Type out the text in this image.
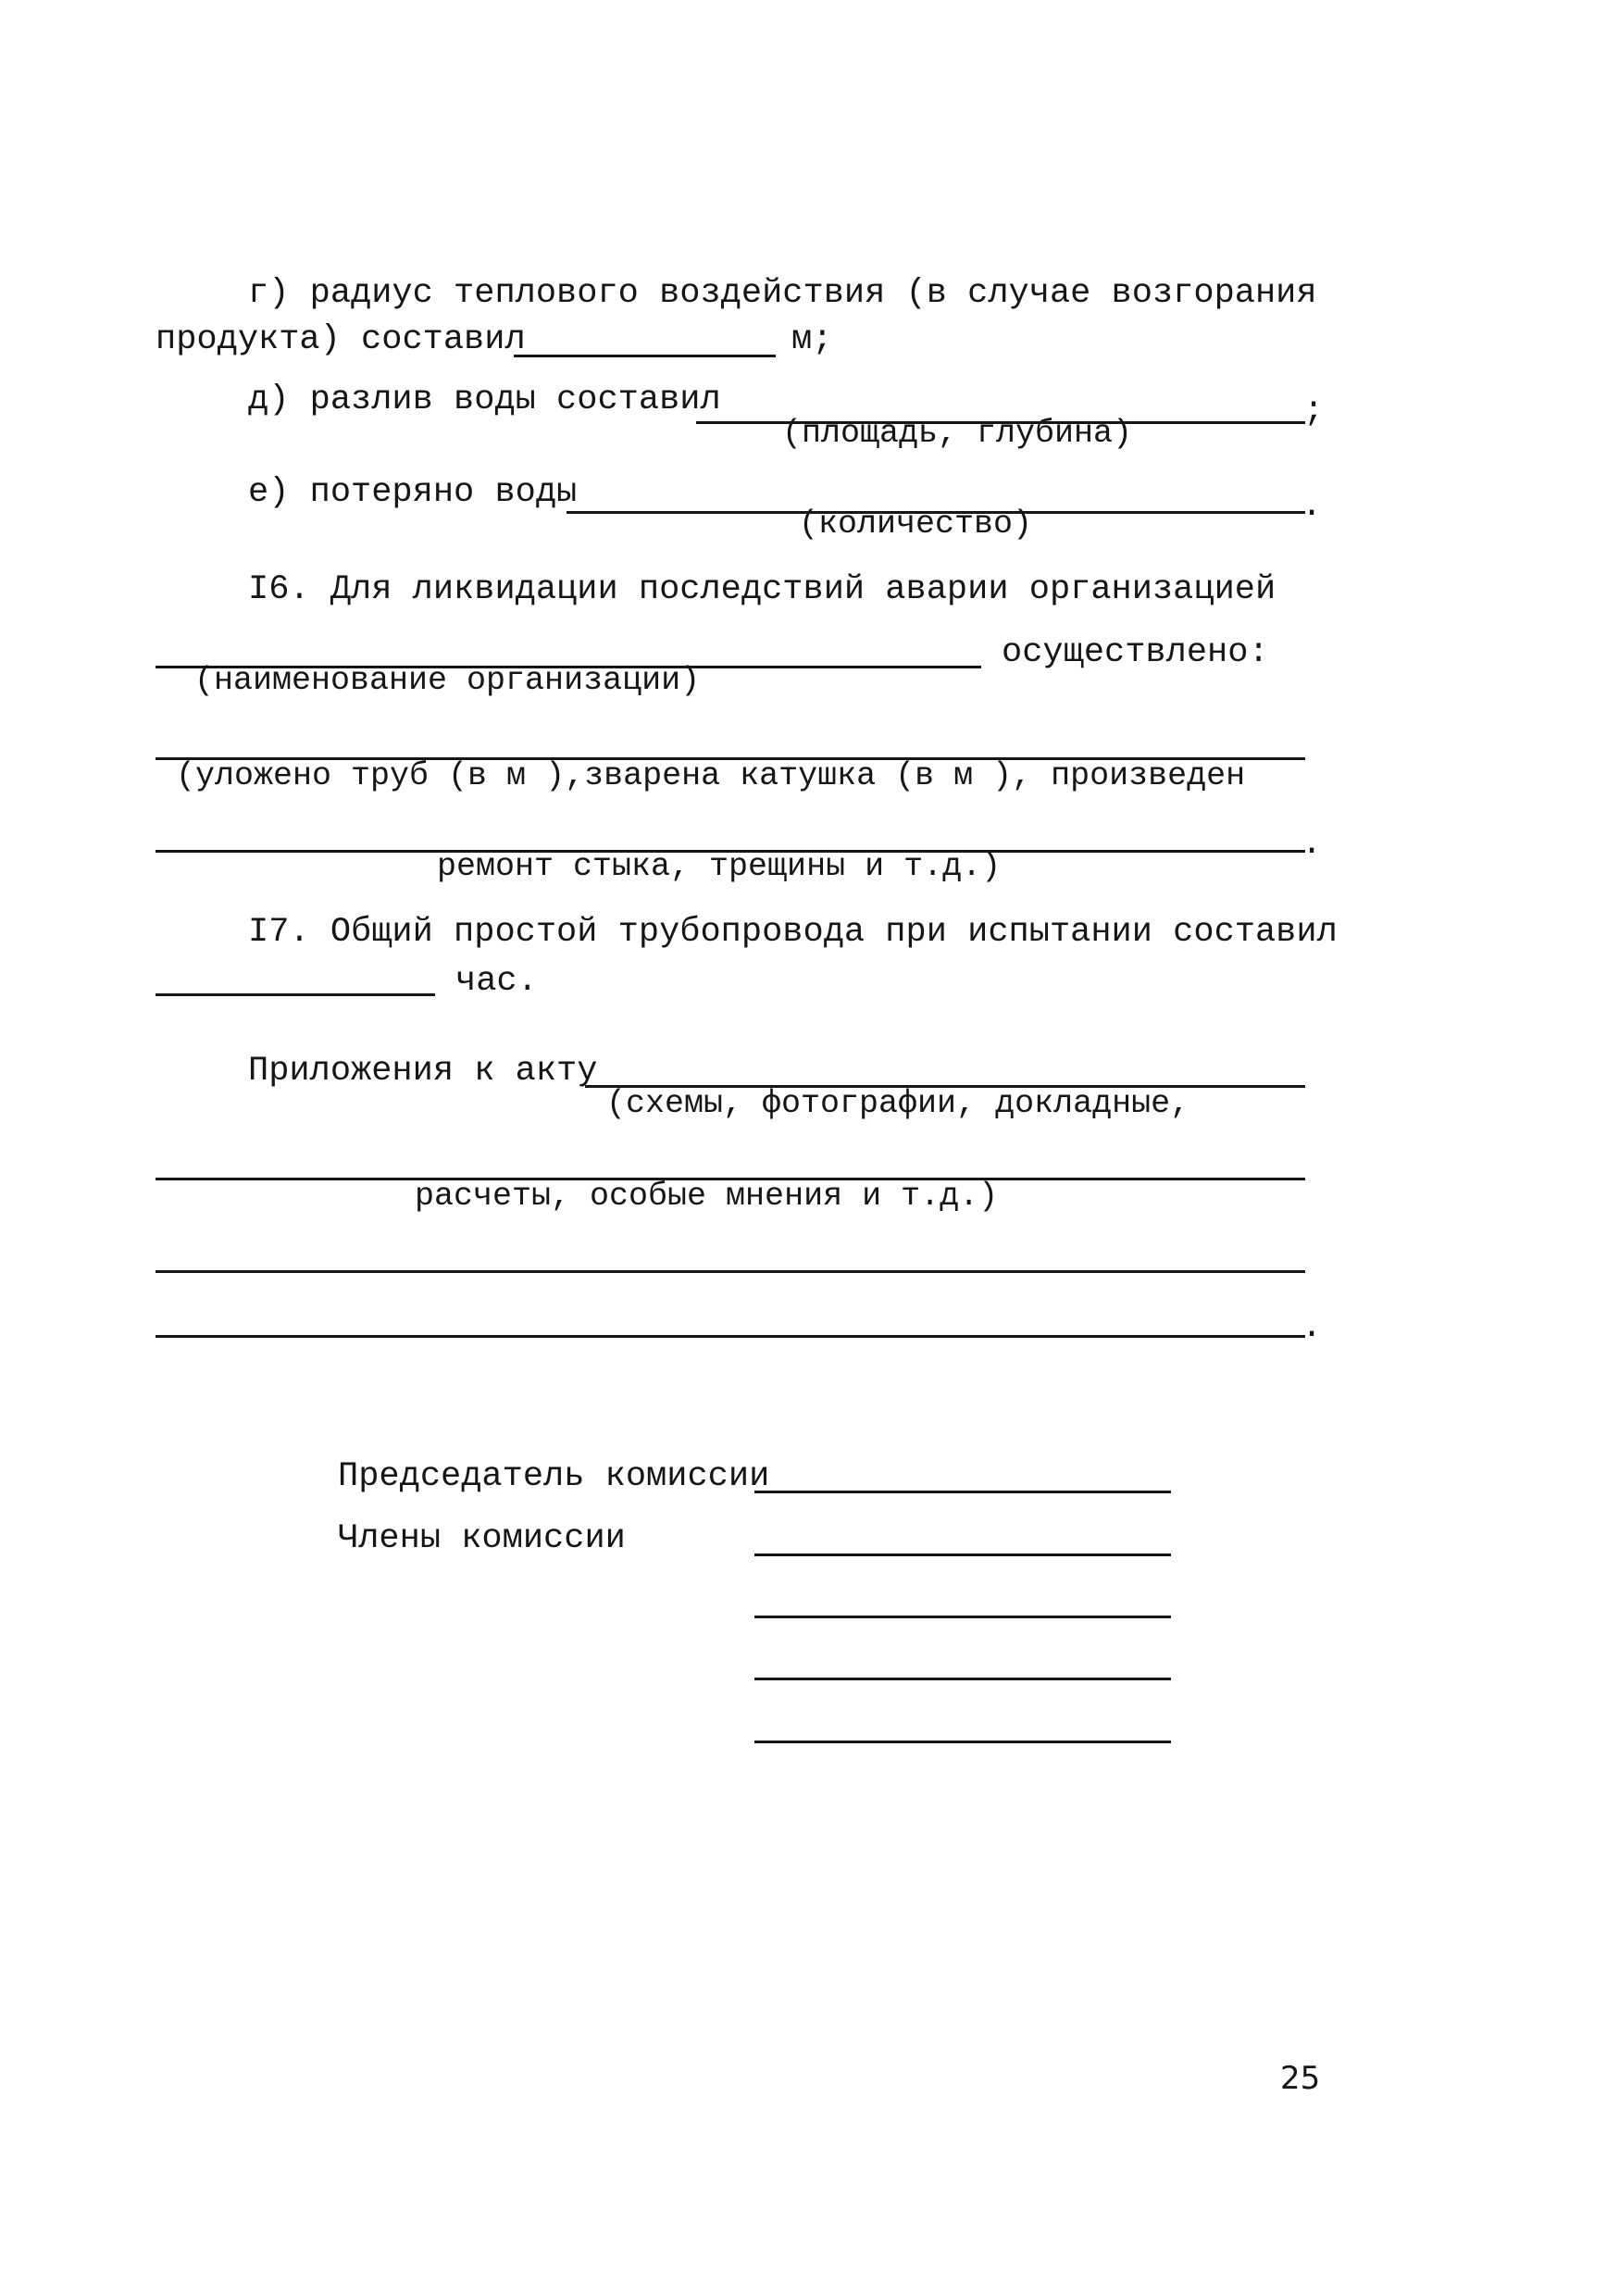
г) радиус теплового воздействия (в случае возгорания
продукта) составил	м;
д) разлив воды составил
(площадь, глубина)
;
е) потеряно воды
(количество)	.
I6. Для ликвидации последствий аварии организацией
осуществлено:
(наименование организации)
(уложено труб (в м ),зварена катушка (в м ), произведен
ремонт стыка, трещины и т.д.)
.
I7. Общий простой трубопровода при испытании составил
час.
Приложения к акту
(схемы, фотографии, докладные,
расчеты, особые мнения и т.д.)
.
Председатель комиссии
Члены комиссии
25
